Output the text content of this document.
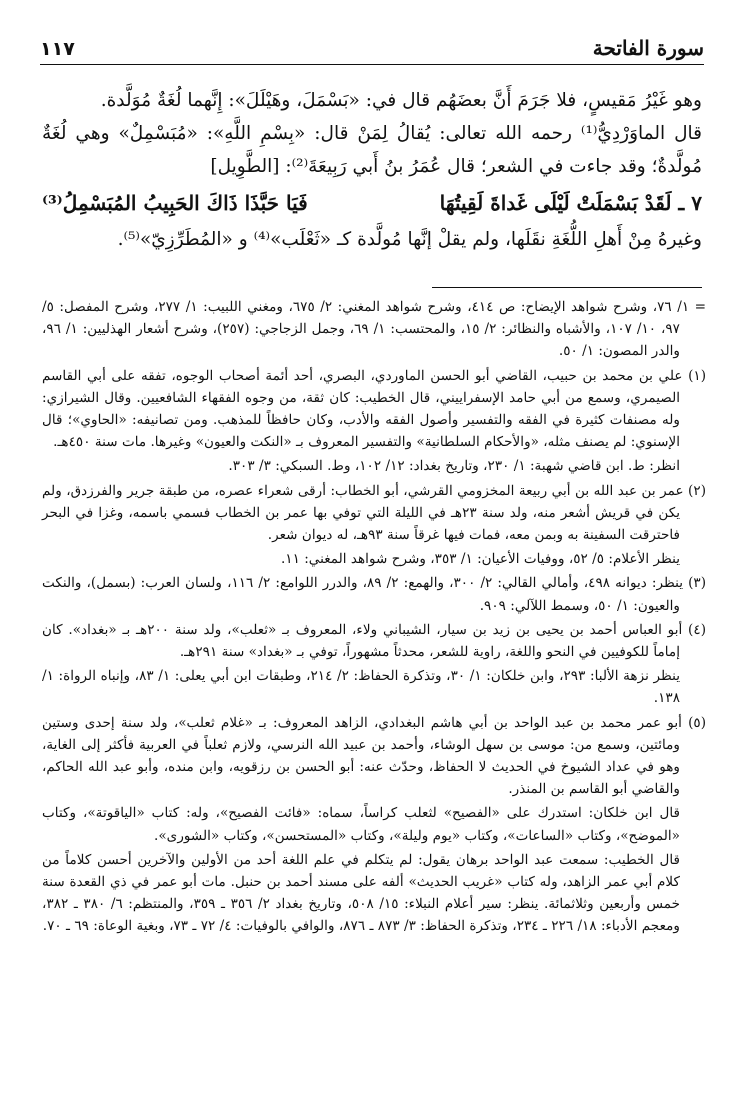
سورة الفاتحة
١١٧

وهو غَيْرُ مَقيسٍ، فلا جَرَمَ أَنَّ بعضَهُم قال في: «بَسْمَلَ، وهَيْلَلَ»: إِنَّهما لُغَةٌ مُوَلَّدة.

قال الماوَرْدِيُّ⁽¹⁾ رحمه الله تعالى: يُقالُ لِمَنْ قال: «بِسْمِ اللَّهِ»: «مُبَسْمِلٌ» وهي لُغَةٌ مُولَّدةٌ؛ وقد جاءت في الشعر؛ قال عُمَرُ بنُ أَبي رَبِيعَةَ⁽²⁾: [الطَّوِيل]

٧ ـ لَقَدْ بَسْمَلَتْ لَيْلَى غَداةَ لَقِيتُهَا
فَيَا حَبَّذَا ذَاكَ الحَبِيبُ المُبَسْمِلُ⁽³⁾

وغيرهُ مِنْ أَهلِ اللُّغَةِ نقَلَها، ولم يقلْ إنَّها مُولَّدة كـ «ثَعْلَب»⁽⁴⁾ و «المُطَرِّزِيّ»⁽⁵⁾.

= ١/ ٧٦، وشرح شواهد الإيضاح: ص ٤١٤، وشرح شواهد المغني: ٢/ ٦٧٥، ومغني اللبيب: ١/ ٢٧٧، وشرح المفصل: ٥/ ٩٧، ١٠/ ١٠٧، والأشباه والنظائر: ٢/ ١٥، والمحتسب: ١/ ٦٩، وجمل الزجاجي: (٢٥٧)، وشرح أشعار الهذليين: ١/ ٩٦، والدر المصون: ١/ ٥٠.

(١) علي بن محمد بن حبيب، القاضي أبو الحسن الماوردي، البصري، أحد أئمة أصحاب الوجوه، تفقه على أبي القاسم الصيمري، وسمع من أبي حامد الإسفراييني، قال الخطيب: كان ثقة، من وجوه الفقهاء الشافعيين. وقال الشيرازي: وله مصنفات كثيرة في الفقه والتفسير وأصول الفقه والأدب، وكان حافظاً للمذهب. ومن تصانيفه: «الحاوي»؛ قال الإسنوي: لم يصنف مثله، «والأحكام السلطانية» والتفسير المعروف بـ «النكت والعيون» وغيرها. مات سنة ٤٥٠هـ.

انظر: ط. ابن قاضي شهبة: ١/ ٢٣٠، وتاريخ بغداد: ١٢/ ١٠٢، وط. السبكي: ٣/ ٣٠٣.

(٢) عمر بن عبد الله بن أبي ربيعة المخزومي القرشي، أبو الخطاب: أرقى شعراء عصره، من طبقة جرير والفرزدق، ولم يكن في قريش أشعر منه، ولد سنة ٢٣هـ في الليلة التي توفي بها عمر بن الخطاب فسمي باسمه، وغزا في البحر فاحترقت السفينة به وبمن معه، فمات فيها غرقاً سنة ٩٣هـ، له ديوان شعر.

ينظر الأعلام: ٥/ ٥٢، ووفيات الأعيان: ١/ ٣٥٣، وشرح شواهد المغني: ١١.

(٣) ينظر: ديوانه ٤٩٨، وأمالي القالي: ٢/ ٣٠٠، والهمع: ٢/ ٨٩، والدرر اللوامع: ٢/ ١١٦، ولسان العرب: (بسمل)، والنكت والعيون: ١/ ٥٠، وسمط اللآلي: ٩٠٩.

(٤) أبو العباس أحمد بن يحيى بن زيد بن سيار، الشيباني ولاء، المعروف بـ «ثعلب»، ولد سنة ٢٠٠هـ بـ «بغداد». كان إماماً للكوفيين في النحو واللغة، راوية للشعر، محدثاً مشهوراً، توفي بـ «بغداد» سنة ٢٩١هـ.

ينظر نزهة الألبا: ٢٩٣، وابن خلكان: ١/ ٣٠، وتذكرة الحفاظ: ٢/ ٢١٤، وطبقات ابن أبي يعلى: ١/ ٨٣، وإنباه الرواة: ١/ ١٣٨.

(٥) أبو عمر محمد بن عبد الواحد بن أبي هاشم البغدادي، الزاهد المعروف: بـ «غلام ثعلب»، ولد سنة إحدى وستين ومائتين، وسمع من: موسى بن سهل الوشاء، وأحمد بن عبيد الله النرسي، ولازم ثعلباً في العربية فأكثر إلى الغاية، وهو في عداد الشيوخ في الحديث لا الحفاظ، وحدّث عنه: أبو الحسن بن رزقويه، وابن منده، وأبو عبد الله الحاكم، والقاضي أبو القاسم بن المنذر.

قال ابن خلكان: استدرك على «الفصيح» لثعلب كراساً، سماه: «فائت الفصيح»، وله: كتاب «الياقوتة»، وكتاب «الموضح»، وكتاب «الساعات»، وكتاب «يوم وليلة»، وكتاب «المستحسن»، وكتاب «الشورى».

قال الخطيب: سمعت عبد الواحد برهان يقول: لم يتكلم في علم اللغة أحد من الأولين والآخرين أحسن كلاماً من كلام أبي عمر الزاهد، وله كتاب «غريب الحديث» ألفه على مسند أحمد بن حنبل. مات أبو عمر في ذي القعدة سنة خمس وأربعين وثلاثمائة. ينظر: سير أعلام النبلاء: ١٥/ ٥٠٨، وتاريخ بغداد ٢/ ٣٥٦ ـ ٣٥٩، والمنتظم: ٦/ ٣٨٠ ـ ٣٨٢، ومعجم الأدباء: ١٨/ ٢٢٦ ـ ٢٣٤، وتذكرة الحفاظ: ٣/ ٨٧٣ ـ ٨٧٦، والوافي بالوفيات: ٤/ ٧٢ ـ ٧٣، وبغية الوعاة: ٦٩ ـ ٧٠.
